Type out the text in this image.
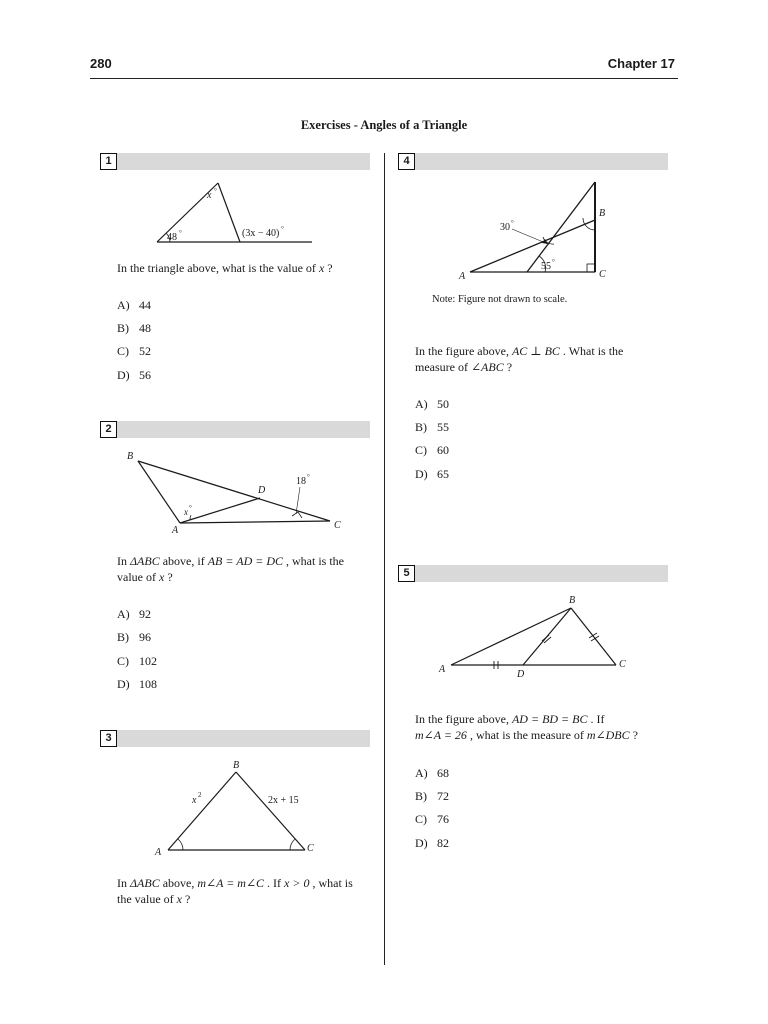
280	Chapter 17
Exercises - Angles of a Triangle
1
x °
48 °	(3x − 40) °
In the triangle above, what is the value of x ?
A) 44
B) 48
C) 52
D) 56
2
B
D
A	C
x °
18 °
In ΔABC above, if AB = AD = DC , what is the
value of x ?
A) 92
B) 96
C) 102
D) 108
3
B
A	C
x 2	2x + 15
In ΔABC above, m∠A = m∠C . If x > 0 , what is
the value of x ?
4
B
A	C
30 °
55 °
Note: Figure not drawn to scale.
In the figure above, AC ⊥ BC . What is the
measure of ∠ABC ?
A) 50
B) 55
C) 60
D) 65
5
B
A	C
D
In the figure above, AD = BD = BC . If
m∠A = 26 , what is the measure of m∠DBC ?
A) 68
B) 72
C) 76
D) 82
